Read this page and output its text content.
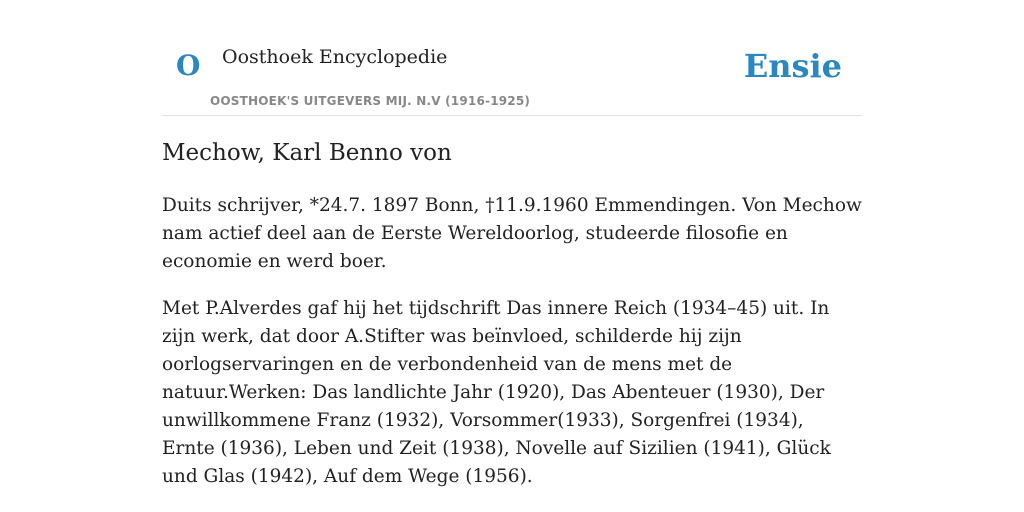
O Oosthoek Encyclopedie
OOSTHOEK'S UITGEVERS MIJ. N.V (1916-1925)
Ensie
Mechow, Karl Benno von

Duits schrijver, *24.7. 1897 Bonn, †11.9.1960 Emmendingen. Von Mechow nam actief deel aan de Eerste Wereldoorlog, studeerde filosofie en economie en werd boer.

Met P.Alverdes gaf hij het tijdschrift Das innere Reich (1934–45) uit. In zijn werk, dat door A.Stifter was beïnvloed, schilderde hij zijn oorlogservaringen en de verbondenheid van de mens met de natuur.Werken: Das landlichte Jahr (1920), Das Abenteuer (1930), Der unwillkommene Franz (1932), Vorsommer(1933), Sorgenfrei (1934), Ernte (1936), Leben und Zeit (1938), Novelle auf Sizilien (1941), Glück und Glas (1942), Auf dem Wege (1956).
